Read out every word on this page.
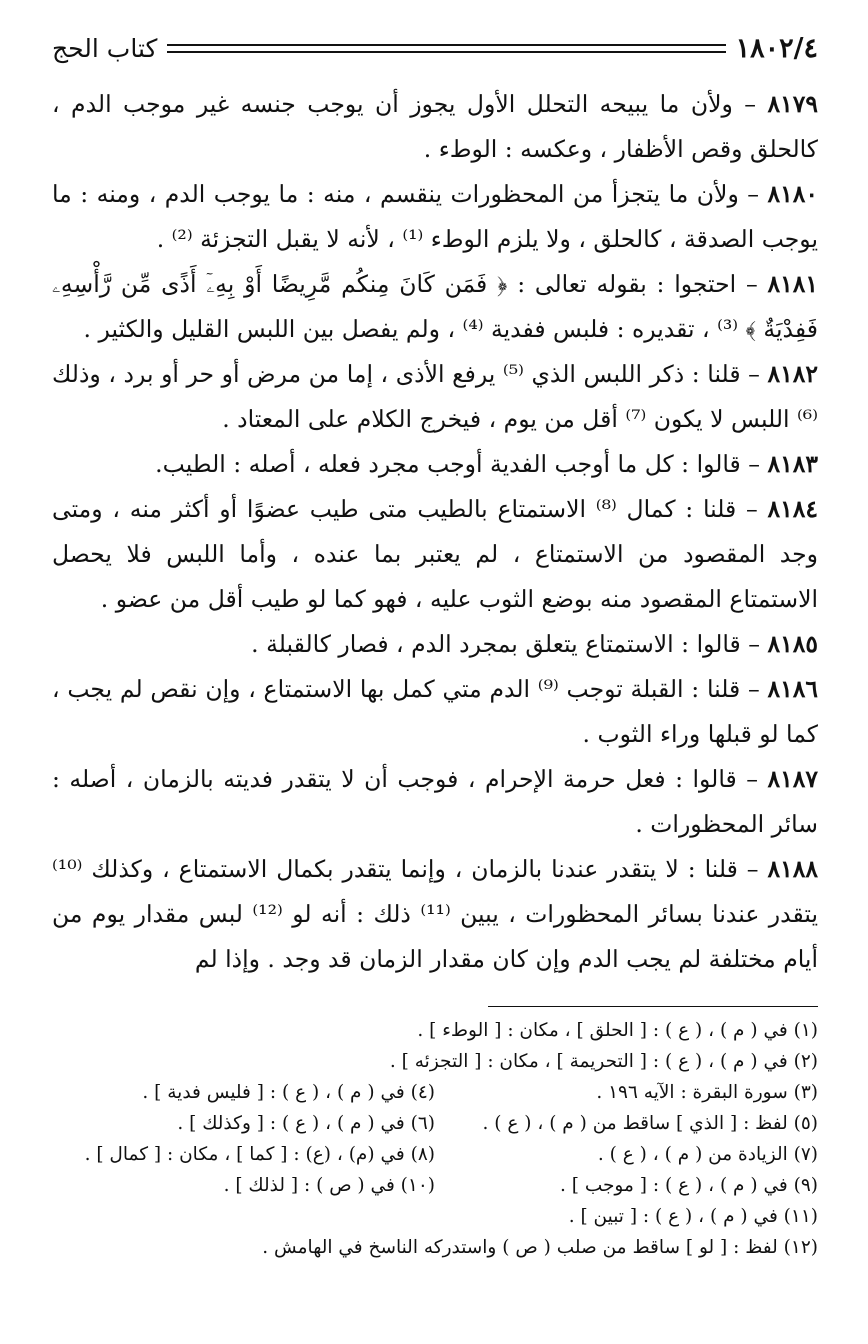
١٨٠٢/٤
كتاب الحج

٨١٧٩ – ولأن ما يبيحه التحلل الأول يجوز أن يوجب جنسه غير موجب الدم ، كالحلق وقص الأظفار ، وعكسه : الوطء .

٨١٨٠ – ولأن ما يتجزأ من المحظورات ينقسم ، منه : ما يوجب الدم ، ومنه : ما يوجب الصدقة ، كالحلق ، ولا يلزم الوطء ⁽¹⁾ ، لأنه لا يقبل التجزئة ⁽²⁾ .

٨١٨١ – احتجوا : بقوله تعالى : ﴿ فَمَن كَانَ مِنكُم مَّرِيضًا أَوْ بِهِۦٓ أَذًى مِّن رَّأْسِهِۦ فَفِدْيَةٌ ﴾ ⁽³⁾ ، تقديره : فلبس ففدية ⁽⁴⁾ ، ولم يفصل بين اللبس القليل والكثير .

٨١٨٢ – قلنا : ذكر اللبس الذي ⁽⁵⁾ يرفع الأذى ، إما من مرض أو حر أو برد ، وذلك ⁽⁶⁾ اللبس لا يكون ⁽⁷⁾ أقل من يوم ، فيخرج الكلام على المعتاد .

٨١٨٣ – قالوا : كل ما أوجب الفدية أوجب مجرد فعله ، أصله : الطيب.

٨١٨٤ – قلنا : كمال ⁽⁸⁾ الاستمتاع بالطيب متى طيب عضوًا أو أكثر منه ، ومتى وجد المقصود من الاستمتاع ، لم يعتبر بما عنده ، وأما اللبس فلا يحصل الاستمتاع المقصود منه بوضع الثوب عليه ، فهو كما لو طيب أقل من عضو .

٨١٨٥ – قالوا : الاستمتاع يتعلق بمجرد الدم ، فصار كالقبلة .

٨١٨٦ – قلنا : القبلة توجب ⁽⁹⁾ الدم متي كمل بها الاستمتاع ، وإن نقص لم يجب ، كما لو قبلها وراء الثوب .

٨١٨٧ – قالوا : فعل حرمة الإحرام ، فوجب أن لا يتقدر فديته بالزمان ، أصله : سائر المحظورات .

٨١٨٨ – قلنا : لا يتقدر عندنا بالزمان ، وإنما يتقدر بكمال الاستمتاع ، وكذلك ⁽¹⁰⁾ يتقدر عندنا بسائر المحظورات ، يبين ⁽¹¹⁾ ذلك : أنه لو ⁽¹²⁾ لبس مقدار يوم من أيام مختلفة لم يجب الدم وإن كان مقدار الزمان قد وجد . وإذا لم

(١) في ( م ) ، ( ع ) : [ الحلق ] ، مكان : [ الوطء ] .
(٢) في ( م ) ، ( ع ) : [ التحريمة ] ، مكان : [ التجزئه ] .
(٣) سورة البقرة : الآيه ١٩٦ .
(٤) في ( م ) ، ( ع ) : [ فليس فدية ] .
(٥) لفظ : [ الذي ] ساقط من ( م ) ، ( ع ) .
(٦) في ( م ) ، ( ع ) : [ وكذلك ] .
(٧) الزيادة من ( م ) ، ( ع ) .
(٨) في (م) ، (ع) : [ كما ] ، مكان : [ كمال ] .
(٩) في ( م ) ، ( ع ) : [ موجب ] .
(١٠) في ( ص ) : [ لذلك ] .
(١١) في ( م ) ، ( ع ) : [ تبين ] .
(١٢) لفظ : [ لو ] ساقط من صلب ( ص ) واستدركه الناسخ في الهامش .
